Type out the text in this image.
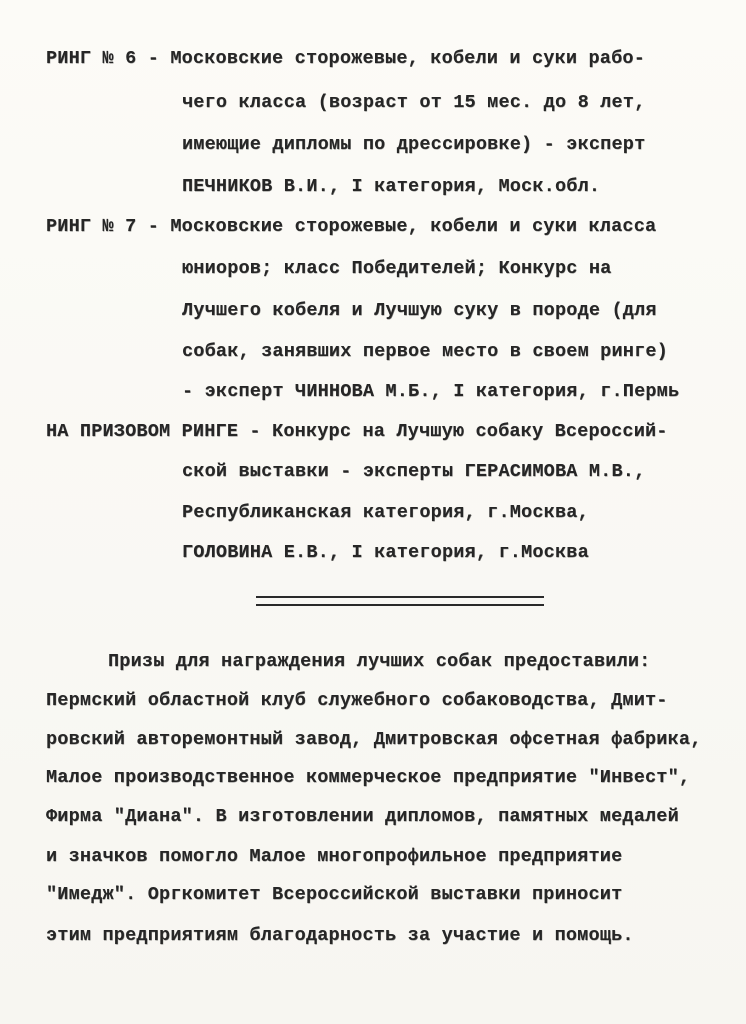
РИНГ № 6 - Московские сторожевые, кобели и суки рабо-
чего класса (возраст от 15 мес. до 8 лет,
имеющие дипломы по дрессировке) - эксперт
ПЕЧНИКОВ В.И., I категория, Моск.обл.
РИНГ № 7 - Московские сторожевые, кобели и суки класса
юниоров; класс Победителей; Конкурс на
Лучшего кобеля и Лучшую суку в породе (для
собак, занявших первое место в своем ринге)
- эксперт ЧИННОВА М.Б., I категория, г.Пермь
НА ПРИЗОВОМ РИНГЕ - Конкурс на Лучшую собаку Всероссий-
ской выставки - эксперты ГЕРАСИМОВА М.В.,
Республиканская категория, г.Москва,
ГОЛОВИНА Е.В., I категория, г.Москва
Призы для награждения лучших собак предоставили:
Пермский областной клуб служебного собаководства, Дмит-
ровский авторемонтный завод, Дмитровская офсетная фабрика,
Малое производственное коммерческое предприятие "Инвест",
Фирма "Диана". В изготовлении дипломов, памятных медалей
и значков помогло Малое многопрофильное предприятие
"Имедж". Оргкомитет Всероссийской выставки приносит
этим предприятиям благодарность за участие и помощь.
